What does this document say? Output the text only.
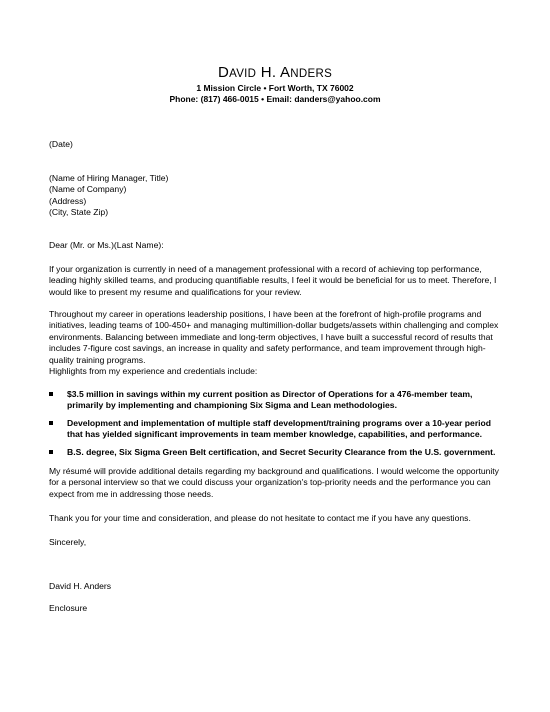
DAVID H. ANDERS
1 Mission Circle • Fort Worth, TX 76002
Phone: (817) 466-0015 • Email: danders@yahoo.com
(Date)
(Name of Hiring Manager, Title)
(Name of Company)
(Address)
(City, State Zip)
Dear (Mr. or Ms.)(Last Name):

If your organization is currently in need of a management professional with a record of achieving top performance, leading highly skilled teams, and producing quantifiable results, I feel it would be beneficial for us to meet. Therefore, I would like to present my resume and qualifications for your review.

Throughout my career in operations leadership positions, I have been at the forefront of high-profile programs and initiatives, leading teams of 100-450+ and managing multimillion-dollar budgets/assets within challenging and complex environments. Balancing between immediate and long-term objectives, I have built a successful record of results that includes 7-figure cost savings, an increase in quality and safety performance, and team improvement through high-quality training programs.

Highlights from my experience and credentials include:
$3.5 million in savings within my current position as Director of Operations for a 476-member team, primarily by implementing and championing Six Sigma and Lean methodologies.
Development and implementation of multiple staff development/training programs over a 10-year period that has yielded significant improvements in team member knowledge, capabilities, and performance.
B.S. degree, Six Sigma Green Belt certification, and Secret Security Clearance from the U.S. government.

My résumé will provide additional details regarding my background and qualifications. I would welcome the opportunity for a personal interview so that we could discuss your organization's top-priority needs and the performance you can expect from me in addressing those needs.

Thank you for your time and consideration, and please do not hesitate to contact me if you have any questions.

Sincerely,
David H. Anders
Enclosure
